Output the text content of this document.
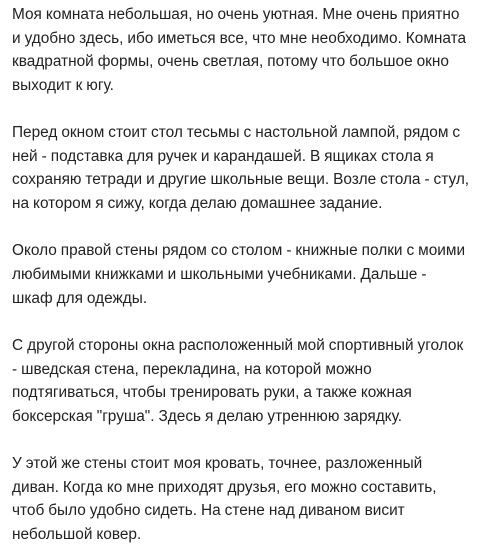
Моя комната небольшая, но очень уютная. Мне очень приятно и удобно здесь, ибо иметься все, что мне необходимо. Комната квадратной формы, очень светлая, потому что большое окно выходит к югу.

Перед окном стоит стол тесьмы с настольной лампой, рядом с ней - подставка для ручек и карандашей. В ящиках стола я сохраняю тетради и другие школьные вещи. Возле стола - стул, на котором я сижу, когда делаю домашнее задание.

Около правой стены рядом со столом - книжные полки с моими любимыми книжками и школьными учебниками. Дальше - шкаф для одежды.

С другой стороны окна расположенный мой спортивный уголок - шведская стена, перекладина, на которой можно подтягиваться, чтобы тренировать руки, а также кожная боксерская "груша". Здесь я делаю утреннюю зарядку.

У этой же стены стоит моя кровать, точнее, разложенный диван. Когда ко мне приходят друзья, его можно составить, чтоб было удобно сидеть. На стене над диваном висит небольшой ковер.
